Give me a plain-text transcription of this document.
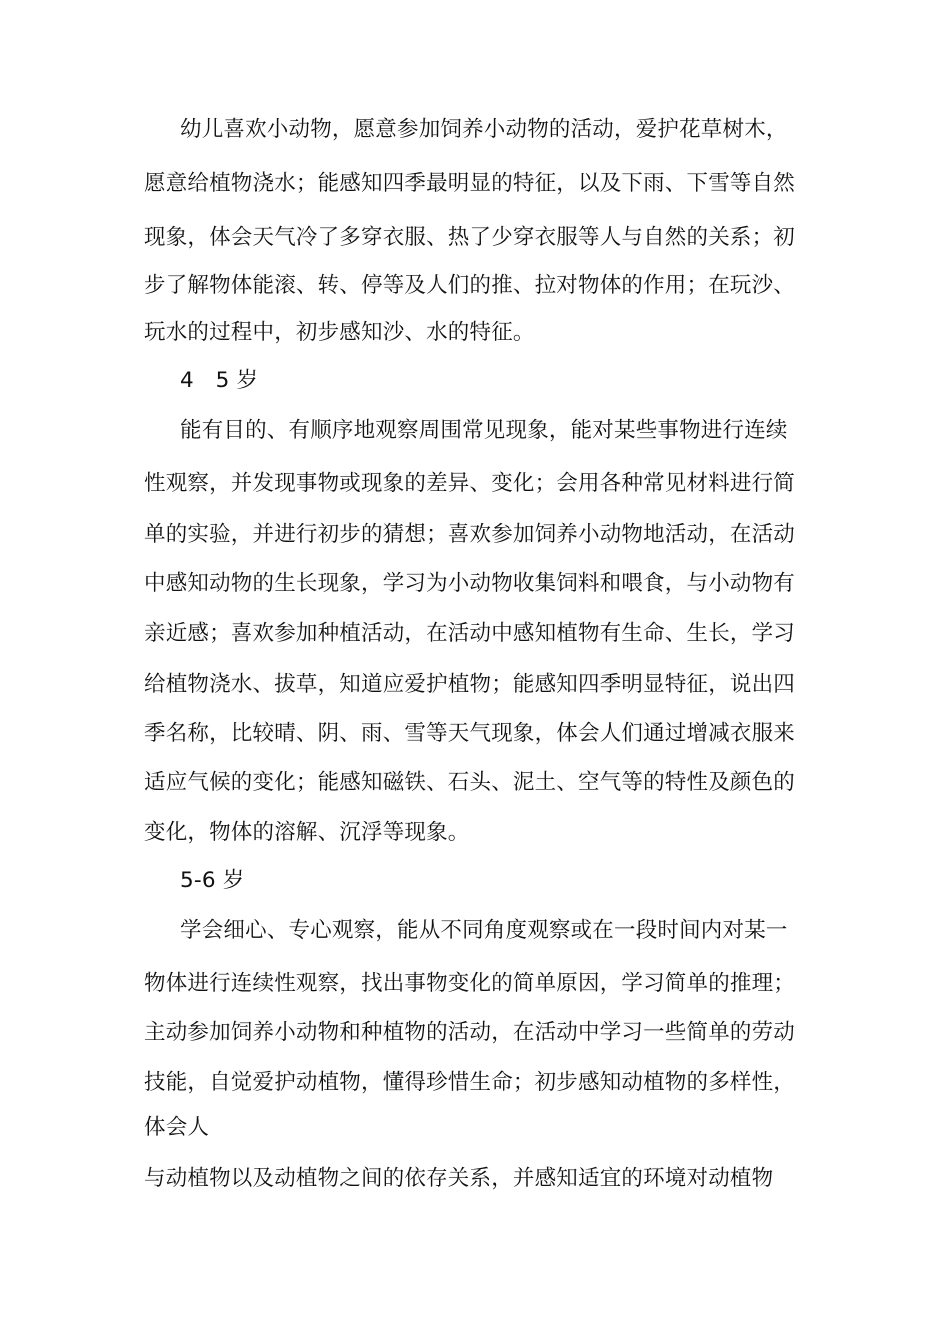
幼儿喜欢小动物，愿意参加饲养小动物的活动，爱护花草树木，
愿意给植物浇水；能感知四季最明显的特征，以及下雨、下雪等自然
现象，体会天气冷了多穿衣服、热了少穿衣服等人与自然的关系；初
步了解物体能滚、转、停等及人们的推、拉对物体的作用；在玩沙、
玩水的过程中，初步感知沙、水的特征。
4　5 岁
能有目的、有顺序地观察周围常见现象，能对某些事物进行连续
性观察，并发现事物或现象的差异、变化；会用各种常见材料进行简
单的实验，并进行初步的猜想；喜欢参加饲养小动物地活动，在活动
中感知动物的生长现象，学习为小动物收集饲料和喂食，与小动物有
亲近感；喜欢参加种植活动，在活动中感知植物有生命、生长，学习
给植物浇水、拔草，知道应爱护植物；能感知四季明显特征，说出四
季名称，比较晴、阴、雨、雪等天气现象，体会人们通过增减衣服来
适应气候的变化；能感知磁铁、石头、泥土、空气等的特性及颜色的
变化，物体的溶解、沉浮等现象。
5-6 岁
学会细心、专心观察，能从不同角度观察或在一段时间内对某一
物体进行连续性观察，找出事物变化的简单原因，学习简单的推理；
主动参加饲养小动物和种植物的活动，在活动中学习一些简单的劳动
技能，自觉爱护动植物，懂得珍惜生命；初步感知动植物的多样性，
体会人
与动植物以及动植物之间的依存关系，并感知适宜的环境对动植物
